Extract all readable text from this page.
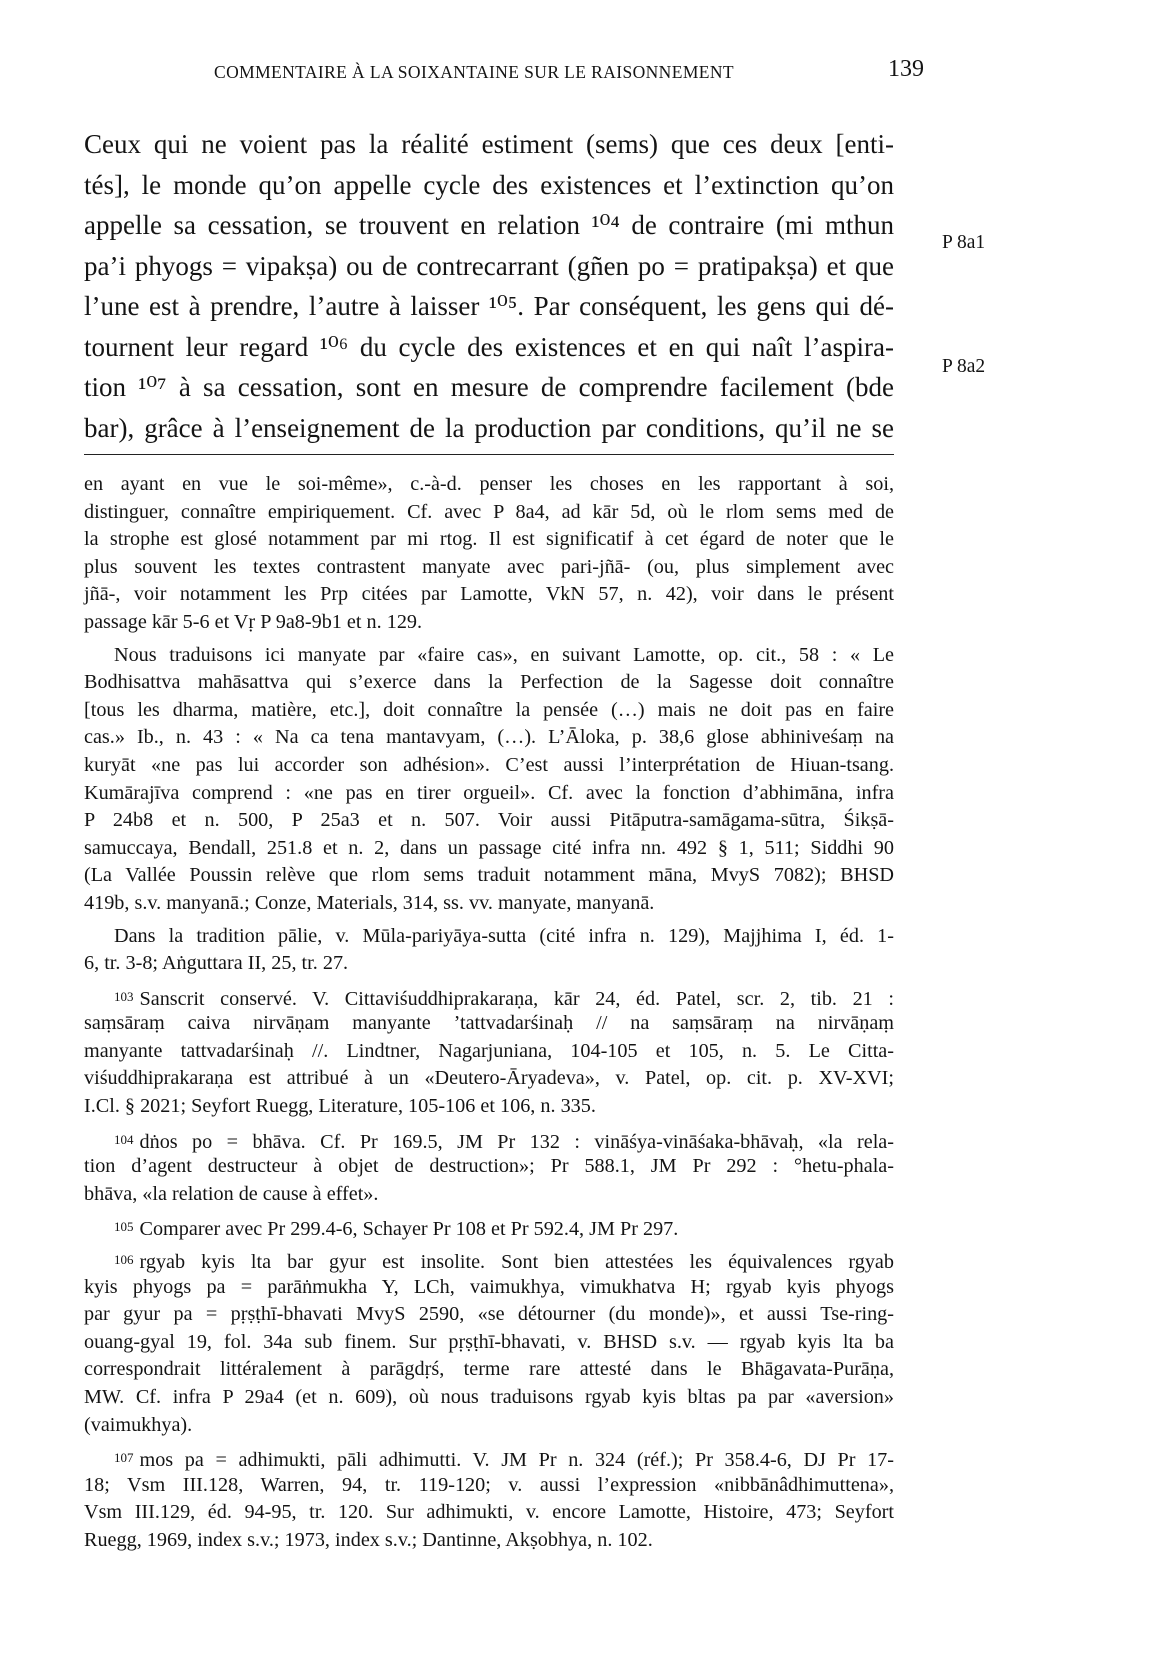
COMMENTAIRE À LA SOIXANTAINE SUR LE RAISONNEMENT	139
Ceux qui ne voient pas la réalité estiment (sems) que ces deux [enti-
tés], le monde qu’on appelle cycle des existences et l’extinction qu’on
appelle sa cessation, se trouvent en relation ¹⁰⁴ de contraire (mi mthun
pa’i phyogs = vipakṣa) ou de contrecarrant (gñen po = pratipakṣa) et que
l’une est à prendre, l’autre à laisser ¹⁰⁵. Par conséquent, les gens qui dé-
tournent leur regard ¹⁰⁶ du cycle des existences et en qui naît l’aspira-
tion ¹⁰⁷ à sa cessation, sont en mesure de comprendre facilement (bde
bar), grâce à l’enseignement de la production par conditions, qu’il ne se
P 8a1
P 8a2
en ayant en vue le soi-même», c.-à-d. penser les choses en les rapportant à soi,
distinguer, connaître empiriquement. Cf. avec P 8a4, ad kār 5d, où le rlom sems med de
la strophe est glosé notamment par mi rtog. Il est significatif à cet égard de noter que le
plus souvent les textes contrastent manyate avec pari-jñā- (ou, plus simplement avec
jñā-, voir notamment les Prp citées par Lamotte, VkN 57, n. 42), voir dans le présent
passage kār 5-6 et Vṛ P 9a8-9b1 et n. 129.
Nous traduisons ici manyate par «faire cas», en suivant Lamotte, op. cit., 58 : « Le
Bodhisattva mahāsattva qui s’exerce dans la Perfection de la Sagesse doit connaître
[tous les dharma, matière, etc.], doit connaître la pensée (…) mais ne doit pas en faire
cas.» Ib., n. 43 : « Na ca tena mantavyam, (…). L’Āloka, p. 38,6 glose abhiniveśaṃ na
kuryāt «ne pas lui accorder son adhésion». C’est aussi l’interprétation de Hiuan-tsang.
Kumārajīva comprend : «ne pas en tirer orgueil». Cf. avec la fonction d’abhimāna, infra
P 24b8 et n. 500, P 25a3 et n. 507. Voir aussi Pitāputra-samāgama-sūtra, Śikṣā-
samuccaya, Bendall, 251.8 et n. 2, dans un passage cité infra nn. 492 § 1, 511; Siddhi 90
(La Vallée Poussin relève que rlom sems traduit notamment māna, MvyS 7082); BHSD
419b, s.v. manyanā.; Conze, Materials, 314, ss. vv. manyate, manyanā.
Dans la tradition pālie, v. Mūla-pariyāya-sutta (cité infra n. 129), Majjhima I, éd. 1-
6, tr. 3-8; Aṅguttara II, 25, tr. 27.
103 Sanscrit conservé. V. Cittaviśuddhiprakaraṇa, kār 24, éd. Patel, scr. 2, tib. 21 :
saṃsāraṃ caiva nirvāṇam manyante ’tattvadarśinaḥ // na saṃsāraṃ na nirvāṇaṃ
manyante tattvadarśinaḥ //. Lindtner, Nagarjuniana, 104-105 et 105, n. 5. Le Citta-
viśuddhiprakaraṇa est attribué à un «Deutero-Āryadeva», v. Patel, op. cit. p. XV-XVI;
I.Cl. § 2021; Seyfort Ruegg, Literature, 105-106 et 106, n. 335.
104 dṅos po = bhāva. Cf. Pr 169.5, JM Pr 132 : vināśya-vināśaka-bhāvaḥ, «la rela-
tion d’agent destructeur à objet de destruction»; Pr 588.1, JM Pr 292 : °hetu-phala-
bhāva, «la relation de cause à effet».
105 Comparer avec Pr 299.4-6, Schayer Pr 108 et Pr 592.4, JM Pr 297.
106 rgyab kyis lta bar gyur est insolite. Sont bien attestées les équivalences rgyab
kyis phyogs pa = parāṅmukha Y, LCh, vaimukhya, vimukhatva H; rgyab kyis phyogs
par gyur pa = pṛṣṭhī-bhavati MvyS 2590, «se détourner (du monde)», et aussi Tse-ring-
ouang-gyal 19, fol. 34a sub finem. Sur pṛṣṭhī-bhavati, v. BHSD s.v. — rgyab kyis lta ba
correspondrait littéralement à parāgdṛś, terme rare attesté dans le Bhāgavata-Purāṇa,
MW. Cf. infra P 29a4 (et n. 609), où nous traduisons rgyab kyis bltas pa par «aversion»
(vaimukhya).
107 mos pa = adhimukti, pāli adhimutti. V. JM Pr n. 324 (réf.); Pr 358.4-6, DJ Pr 17-
18; Vsm III.128, Warren, 94, tr. 119-120; v. aussi l’expression «nibbānâdhimuttena»,
Vsm III.129, éd. 94-95, tr. 120. Sur adhimukti, v. encore Lamotte, Histoire, 473; Seyfort
Ruegg, 1969, index s.v.; 1973, index s.v.; Dantinne, Akṣobhya, n. 102.
